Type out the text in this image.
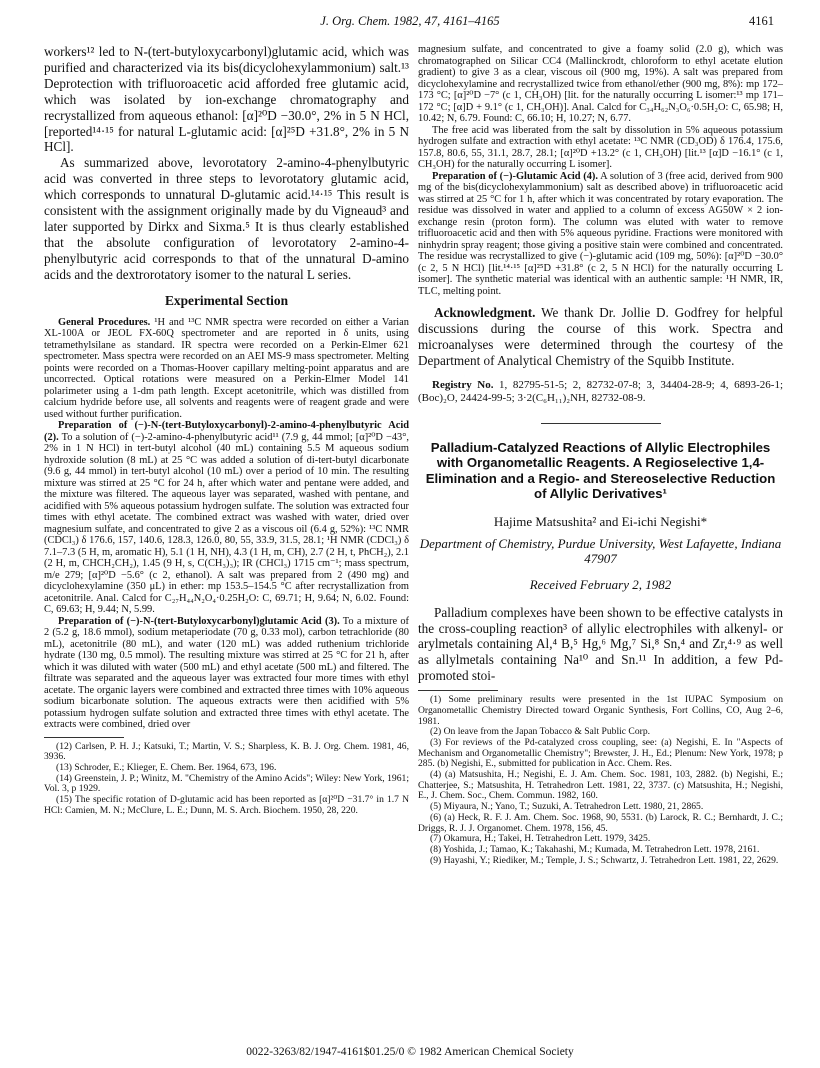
J. Org. Chem. 1982, 47, 4161–4165	4161

workers¹² led to N-(tert-butyloxycarbonyl)glutamic acid, which was purified and characterized via its bis(dicyclohexylammonium) salt.¹³ Deprotection with trifluoroacetic acid afforded free glutamic acid, which was isolated by ion-exchange chromatography and recrystallized from aqueous ethanol: [α]²⁰D −30.0°, 2% in 5 N HCl, [reported¹⁴·¹⁵ for natural L-glutamic acid: [α]²⁵D +31.8°, 2% in 5 N HCl].

As summarized above, levorotatory 2-amino-4-phenylbutyric acid was converted in three steps to levorotatory glutamic acid, which corresponds to unnatural D-glutamic acid.¹⁴·¹⁵ This result is consistent with the assignment originally made by du Vigneaud³ and later supported by Dirkx and Sixma.⁵ It is thus clearly established that the absolute configuration of levorotatory 2-amino-4-phenylbutyric acid corresponds to that of the unnatural D-amino acids and the dextrorotatory isomer to the natural L series.

Experimental Section

General Procedures. ¹H and ¹³C NMR spectra were recorded on either a Varian XL-100A or JEOL FX-60Q spectrometer and are reported in δ units, using tetramethylsilane as standard. IR spectra were recorded on a Perkin-Elmer 621 spectrometer. Mass spectra were recorded on an AEI MS-9 mass spectrometer. Melting points were recorded on a Thomas-Hoover capillary melting-point apparatus and are uncorrected. Optical rotations were measured on a Perkin-Elmer Model 141 polarimeter using a 1-dm path length. Except acetonitrile, which was distilled from calcium hydride before use, all solvents and reagents were of reagent grade and were used without further purification.

Preparation of (−)-N-(tert-Butyloxycarbonyl)-2-amino-4-phenylbutyric Acid (2). To a solution of (−)-2-amino-4-phenylbutyric acid¹¹ (7.9 g, 44 mmol; [α]²⁰D −43°, 2% in 1 N HCl) in tert-butyl alcohol (40 mL) containing 5.5 M aqueous sodium hydroxide solution (8 mL) at 25 °C was added a solution of di-tert-butyl dicarbonate (9.6 g, 44 mmol) in tert-butyl alcohol (10 mL) over a period of 10 min. The resulting mixture was stirred at 25 °C for 24 h, after which water and pentane were added, and the mixture was filtered. The aqueous layer was separated, washed with pentane, and acidified with 5% aqueous potassium hydrogen sulfate. The solution was extracted four times with ethyl acetate. The combined extract was washed with water, dried over magnesium sulfate, and concentrated to give 2 as a viscous oil (6.4 g, 52%): ¹³C NMR (CDCl₃) δ 176.6, 157, 140.6, 128.3, 126.0, 80, 55, 33.9, 31.5, 28.1; ¹H NMR (CDCl₃) δ 7.1–7.3 (5 H, m, aromatic H), 5.1 (1 H, NH), 4.3 (1 H, m, CH), 2.7 (2 H, t, PhCH₂), 2.1 (2 H, m, CHCH₂CH₂), 1.45 (9 H, s, C(CH₃)₃); IR (CHCl₃) 1715 cm⁻¹; mass spectrum, m/e 279; [α]²⁰D −5.6° (c 2, ethanol). A salt was prepared from 2 (490 mg) and dicyclohexylamine (350 μL) in ether: mp 153.5–154.5 °C after recrystallization from acetonitrile. Anal. Calcd for C₂₇H₄₄N₂O₄·0.25H₂O: C, 69.71; H, 9.64; N, 6.02. Found: C, 69.63; H, 9.44; N, 5.99.

Preparation of (−)-N-(tert-Butyloxycarbonyl)glutamic Acid (3). To a mixture of 2 (5.2 g, 18.6 mmol), sodium metaperiodate (70 g, 0.33 mol), carbon tetrachloride (80 mL), acetonitrile (80 mL), and water (120 mL) was added ruthenium trichloride hydrate (130 mg, 0.5 mmol). The resulting mixture was stirred at 25 °C for 21 h, after which it was diluted with water (500 mL) and ethyl acetate (500 mL) and filtered. The filtrate was separated and the aqueous layer was extracted four more times with ethyl acetate. The organic layers were combined and extracted three times with 10% aqueous sodium bicarbonate solution. The aqueous extracts were then acidified with 5% potassium hydrogen sulfate solution and extracted three times with ethyl acetate. The extracts were combined, dried over

(12) Carlsen, P. H. J.; Katsuki, T.; Martin, V. S.; Sharpless, K. B. J. Org. Chem. 1981, 46, 3936.

(13) Schroder, E.; Klieger, E. Chem. Ber. 1964, 673, 196.

(14) Greenstein, J. P.; Winitz, M. "Chemistry of the Amino Acids"; Wiley: New York, 1961; Vol. 3, p 1929.

(15) The specific rotation of D-glutamic acid has been reported as [α]²⁰D −31.7° in 1.7 N HCl: Camien, M. N.; McClure, L. E.; Dunn, M. S. Arch. Biochem. 1950, 28, 220.

magnesium sulfate, and concentrated to give a foamy solid (2.0 g), which was chromatographed on Silicar CC4 (Mallinckrodt, chloroform to ethyl acetate elution gradient) to give 3 as a clear, viscous oil (900 mg, 19%). A salt was prepared from dicyclohexylamine and recrystallized twice from ethanol/ether (900 mg, 8%): mp 172–173 °C; [α]²⁰D −7° (c 1, CH₃OH) [lit. for the naturally occurring L isomer:¹³ mp 171–172 °C; [α]D + 9.1° (c 1, CH₃OH)]. Anal. Calcd for C₃₄H₆₂N₃O₆·0.5H₂O: C, 65.98; H, 10.42; N, 6.79. Found: C, 66.10; H, 10.27; N, 6.77.

The free acid was liberated from the salt by dissolution in 5% aqueous potassium hydrogen sulfate and extraction with ethyl acetate: ¹³C NMR (CD₃OD) δ 176.4, 175.6, 157.8, 80.6, 55, 31.1, 28.7, 28.1; [α]²⁰D +13.2° (c 1, CH₃OH) [lit.¹³ [α]D −16.1° (c 1, CH₃OH) for the naturally occurring L isomer].

Preparation of (−)-Glutamic Acid (4). A solution of 3 (free acid, derived from 900 mg of the bis(dicyclohexylammonium) salt as described above) in trifluoroacetic acid was stirred at 25 °C for 1 h, after which it was concentrated by rotary evaporation. The residue was dissolved in water and applied to a column of excess AG50W × 2 ion-exchange resin (proton form). The column was eluted with water to remove trifluoroacetic acid and then with 5% aqueous pyridine. Fractions were monitored with ninhydrin spray reagent; those giving a positive stain were combined and concentrated. The residue was recrystallized to give (−)-glutamic acid (109 mg, 50%): [α]²⁰D −30.0° (c 2, 5 N HCl) [lit.¹⁴·¹⁵ [α]²⁵D +31.8° (c 2, 5 N HCl) for the naturally occurring L isomer]. The synthetic material was identical with an authentic sample: ¹H NMR, IR, TLC, melting point.

Acknowledgment. We thank Dr. Jollie D. Godfrey for helpful discussions during the course of this work. Spectra and microanalyses were determined through the courtesy of the Department of Analytical Chemistry of the Squibb Institute.

Registry No. 1, 82795-51-5; 2, 82732-07-8; 3, 34404-28-9; 4, 6893-26-1; (Boc)₂O, 24424-99-5; 3·2(C₆H₁₁)₂NH, 82732-08-9.

Palladium-Catalyzed Reactions of Allylic Electrophiles with Organometallic Reagents. A Regioselective 1,4-Elimination and a Regio- and Stereoselective Reduction of Allylic Derivatives¹
Hajime Matsushita² and Ei-ichi Negishi*
Department of Chemistry, Purdue University, West Lafayette, Indiana 47907
Received February 2, 1982

Palladium complexes have been shown to be effective catalysts in the cross-coupling reaction³ of allylic electrophiles with alkenyl- or arylmetals containing Al,⁴ B,⁵ Hg,⁶ Mg,⁷ Si,⁸ Sn,⁴ and Zr,⁴·⁹ as well as allylmetals containing Na¹⁰ and Sn.¹¹ In addition, a few Pd-promoted stoi-

(1) Some preliminary results were presented in the 1st IUPAC Symposium on Organometallic Chemistry Directed toward Organic Synthesis, Fort Collins, CO, Aug 2–6, 1981.

(2) On leave from the Japan Tobacco & Salt Public Corp.

(3) For reviews of the Pd-catalyzed cross coupling, see: (a) Negishi, E. In "Aspects of Mechanism and Organometallic Chemistry"; Brewster, J. H., Ed.; Plenum: New York, 1978; p 285. (b) Negishi, E., submitted for publication in Acc. Chem. Res.

(4) (a) Matsushita, H.; Negishi, E. J. Am. Chem. Soc. 1981, 103, 2882. (b) Negishi, E.; Chatterjee, S.; Matsushita, H. Tetrahedron Lett. 1981, 22, 3737. (c) Matsushita, H.; Negishi, E., J. Chem. Soc., Chem. Commun. 1982, 160.

(5) Miyaura, N.; Yano, T.; Suzuki, A. Tetrahedron Lett. 1980, 21, 2865.

(6) (a) Heck, R. F. J. Am. Chem. Soc. 1968, 90, 5531. (b) Larock, R. C.; Bernhardt, J. C.; Driggs, R. J. J. Organomet. Chem. 1978, 156, 45.

(7) Okamura, H.; Takei, H. Tetrahedron Lett. 1979, 3425.

(8) Yoshida, J.; Tamao, K.; Takahashi, M.; Kumada, M. Tetrahedron Lett. 1978, 2161.

(9) Hayashi, Y.; Riediker, M.; Temple, J. S.; Schwartz, J. Tetrahedron Lett. 1981, 22, 2629.

0022-3263/82/1947-4161$01.25/0 © 1982 American Chemical Society
